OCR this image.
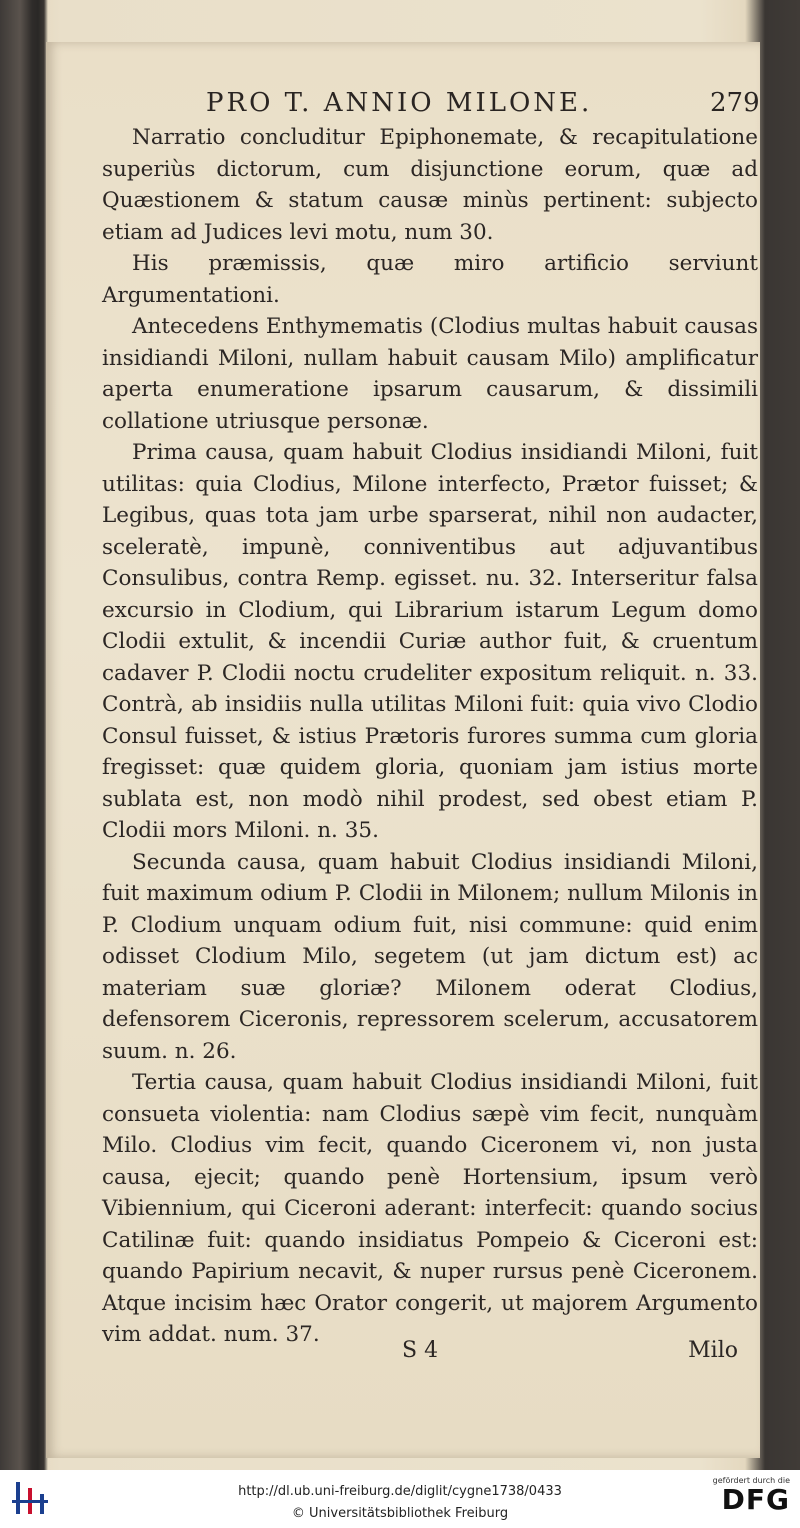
PRO T. ANNIO MILONE.	279

Narratio concluditur Epiphonemate, & recapitulatione superiùs dictorum, cum disjunctione eorum, quæ ad Quæstionem & statum causæ minùs pertinent: subjecto etiam ad Judices levi motu, num 30.

His præmissis, quæ miro artificio serviunt Argumentationi.

Antecedens Enthymematis (Clodius multas habuit causas insidiandi Miloni, nullam habuit causam Milo) amplificatur aperta enumeratione ipsarum causarum, & dissimili collatione utriusque personæ.

Prima causa, quam habuit Clodius insidiandi Miloni, fuit utilitas: quia Clodius, Milone interfecto, Prætor fuisset; & Legibus, quas tota jam urbe sparserat, nihil non audacter, sceleratè, impunè, conniventibus aut adjuvantibus Consulibus, contra Remp. egisset. nu. 32. Interseritur falsa excursio in Clodium, qui Librarium istarum Legum domo Clodii extulit, & incendii Curiæ author fuit, & cruentum cadaver P. Clodii noctu crudeliter expositum reliquit. n. 33. Contrà, ab insidiis nulla utilitas Miloni fuit: quia vivo Clodio Consul fuisset, & istius Prætoris furores summa cum gloria fregisset: quæ quidem gloria, quoniam jam istius morte sublata est, non modò nihil prodest, sed obest etiam P. Clodii mors Miloni. n. 35.

Secunda causa, quam habuit Clodius insidiandi Miloni, fuit maximum odium P. Clodii in Milonem; nullum Milonis in P. Clodium unquam odium fuit, nisi commune: quid enim odisset Clodium Milo, segetem (ut jam dictum est) ac materiam suæ gloriæ? Milonem oderat Clodius, defensorem Ciceronis, repressorem scelerum, accusatorem suum. n. 26.

Tertia causa, quam habuit Clodius insidiandi Miloni, fuit consueta violentia: nam Clodius sæpè vim fecit, nunquàm Milo. Clodius vim fecit, quando Ciceronem vi, non justa causa, ejecit; quando penè Hortensium, ipsum verò Vibiennium, qui Ciceroni aderant: interfecit: quando socius Catilinæ fuit: quando insidiatus Pompeio & Ciceroni est: quando Papirium necavit, & nuper rursus penè Ciceronem. Atque incisim hæc Orator congerit, ut majorem Argumento vim addat. num. 37.

S 4	Milo
http://dl.ub.uni-freiburg.de/diglit/cygne1738/0433
© Universitätsbibliothek Freiburg
gefördert durch die
DFG
